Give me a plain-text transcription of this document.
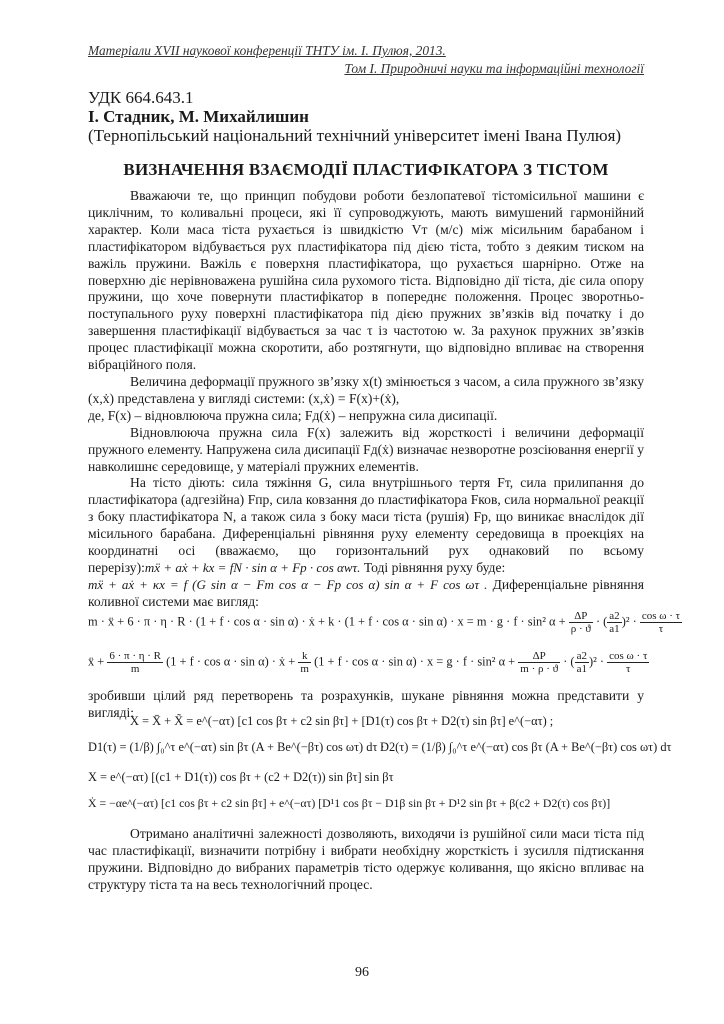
Матеріали XVII наукової конференції ТНТУ ім. І. Пулюя, 2013.
Том І. Природничі науки та інформаційні технології
УДК 664.643.1
І. Стадник, М. Михайлишин
(Тернопільський національний технічний університет імені Івана Пулюя)
ВИЗНАЧЕННЯ ВЗАЄМОДІЇ ПЛАСТИФІКАТОРА З ТІСТОМ

Вважаючи те, що принцип побудови роботи безлопатевої тістомісильної машини є циклічним, то коливальні процеси, які її супроводжують, мають вимушений гармонійний характер. Коли маса тіста рухається із швидкістю Vт (м/с) між місильним барабаном і пластифікатором відбувається рух пластифікатора під дією тіста, тобто з деяким тиском на важіль пружини. Важіль є поверхня пластифікатора, що рухається шарнірно. Отже на поверхню діє нерівноважена рушійна сила рухомого тіста. Відповідно дії тіста, діє сила опору пружини, що хоче повернути пластифікатор в попереднє положення. Процес зворотньо-поступального руху поверхні пластифікатора під дією пружних зв’язків від початку і до завершення пластифікації відбувається за час τ із частотою w. За рахунок пружних зв’язків процес пластифікації можна скоротити, або розтягнути, що відповідно впливає на створення вібраційного поля.

Величина деформації пружного зв’язку x(t) змінюється з часом, а сила пружного зв’язку (x,ẋ) представлена у вигляді системи: (x,ẋ) = F(x)+(ẋ),

де, F(x) – відновлююча пружна сила; Fд(ẋ) – непружна сила дисипації.

Відновлююча пружна сила F(x) залежить від жорсткості і величини деформації пружного елементу. Напружена сила дисипації Fд(ẋ) визначає незворотне розсіювання енергії у навколишнє середовище, у матеріалі пружних елементів.

На тісто діють: сила тяжіння G, сила внутрішнього тертя Fт, сила прилипання до пластифікатора (адгезійна) Fпр, сила ковзання до пластифікатора Fков, сила нормальної реакції з боку пластифікатора N, а також сила з боку маси тіста (рушія) Fр, що виникає внаслідок дії місильного барабана. Диференціальні рівняння руху елементу середовища в проекціях на координатні осі (вважаємо, що горизонтальний рух однаковий по всьому перерізу):mẍ + aẋ + kx = fN · sin α + Fp · cos αwτ. Тоді рівняння руху буде:

mẍ + aẋ + κx = f (G sin α − Fm cos α − Fp cos α) sin α + F cos ωτ . Диференціальне рівняння коливної системи має вигляд:

m · ẍ + 6 · π · η · R · (1 + f · cos α · sin α) · ẋ + k · (1 + f · cos α · sin α) · x = m · g · f · sin² $\alpha + \frac{\Delta P}{\rho \cdot ϑ}$ · ( $\frac{a2}{a1} )^2 \cdot \frac{\text{cos ω · τ}}{\tau}$
ẍ + $\frac{6 \cdot \pi \cdot \eta \cdot R}{m} (1 + f \cdot \cos \alpha \cdot \sin \alpha)$ · ẋ + $\frac{k}{m} (1 + f \cdot \cos \alpha \cdot \sin \alpha) \cdot x = g \cdot f \cdot \sin^2$ $\alpha + \frac{\Delta P}{m \cdot \rho \cdot ϑ}$ · ( $\frac{a2}{a1} )^2 \cdot \frac{\text{cos ω · τ}}{\tau}$

зробивши цілий ряд перетворень та розрахунків, шукане рівняння можна представити у вигляді:

X = X̄ + X̃ = e^(−ατ) [c1 cos βτ + c2 sin βτ] + [D1(τ) cos βτ + D2(τ) sin βτ] e^(−ατ) ;
D1(τ) = (1/β) ∫₀^τ e^(−ατ) sin βτ (A + Be^(−βτ) cos ωτ) dτ ·
D2(τ) = (1/β) ∫₀^τ e^(−ατ) cos βτ (A + Be^(−βτ) cos ωτ) dτ
X = e^(−ατ) [(c1 + D1(τ)) cos βτ + (c2 + D2(τ)) sin βτ] sin βτ
Ẋ = −αe^(−ατ) [c1 cos βτ + c2 sin βτ] + e^(−ατ) [D¹1 cos βτ − D1β sin βτ + D¹2 sin βτ + β(c2 + D2(τ) cos βτ)]

Отримано аналітичні залежності дозволяють, виходячи із рушійної сили маси тіста під час пластифікації, визначити потрібну і вибрати необхідну жорсткість і зусилля підтискання пружини. Відповідно до вибраних параметрів тісто одержує коливання, що якісно впливає на структуру тіста та на весь технологічний процес.

96
